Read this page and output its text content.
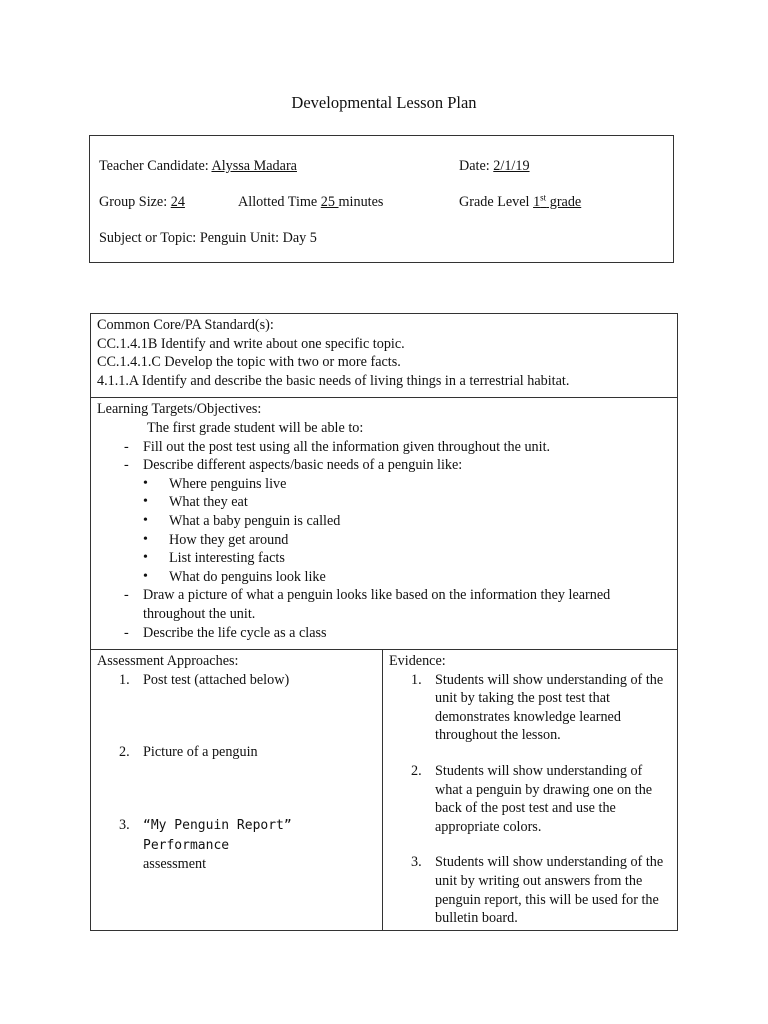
Developmental Lesson Plan
Teacher Candidate: Alyssa Madara	Date: 2/1/19
Group Size: 24	Allotted Time 25 minutes	Grade Level 1st grade
Subject or Topic: Penguin Unit: Day 5
Common Core/PA Standard(s):
CC.1.4.1B Identify and write about one specific topic.
CC.1.4.1.C Develop the topic with two or more facts.
4.1.1.A Identify and describe the basic needs of living things in a terrestrial habitat.
Learning Targets/Objectives:
The first grade student will be able to:
- Fill out the post test using all the information given throughout the unit.
- Describe different aspects/basic needs of a penguin like:
• Where penguins live
• What they eat
• What a baby penguin is called
• How they get around
• List interesting facts
• What do penguins look like
- Draw a picture of what a penguin looks like based on the information they learned throughout the unit.
- Describe the life cycle as a class
Assessment Approaches:
1. Post test (attached below)

2. Picture of a penguin

3. “My Penguin Report” Performance
assessment
Evidence:
1. Students will show understanding of the unit by taking the post test that demonstrates knowledge learned throughout the lesson.
2. Students will show understanding of what a penguin by drawing one on the back of the post test and use the appropriate colors.
3. Students will show understanding of the unit by writing out answers from the penguin report, this will be used for the bulletin board.
